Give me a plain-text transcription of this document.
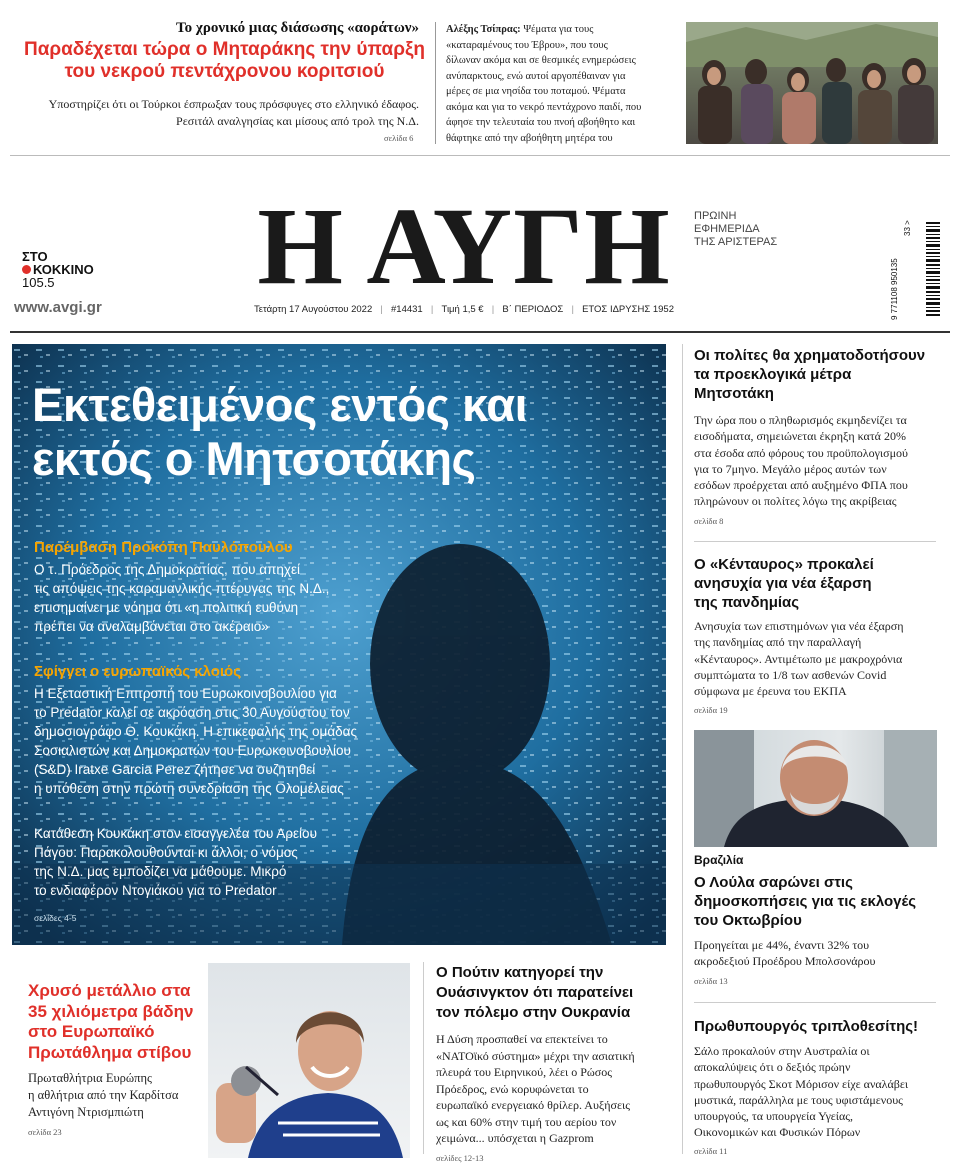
Το χρονικό μιας διάσωσης «αοράτων»
Παραδέχεται τώρα ο Μηταράκης την ύπαρξη
του νεκρού πεντάχρονου κοριτσιού
Υποστηρίζει ότι οι Τούρκοι έσπρωξαν τους πρόσφυγες στο ελληνικό έδαφος.
Ρεσιτάλ αναλγησίας και μίσους από τρολ της Ν.Δ.
σελίδα 6
Αλέξης Τσίπρας: Ψέματα για τους
«καταραμένους του Έβρου», που τους
δίλωναν ακόμα και σε θεσμικές ενημερώσεις
ανύπαρκτους, ενώ αυτοί αργοπέθαιναν για
μέρες σε μια νησίδα του ποταμού. Ψέματα
ακόμα και για το νεκρό πεντάχρονο παιδί, που
άφησε την τελευταία του πνοή αβοήθητο και
θάφτηκε από την αβοήθητη μητέρα του
ΣΤΟ
ΚΟΚΚΙΝΟ
105.5
www.avgi.gr
Η ΑΥΓΗ	ΠΡΩΙΝΗ
ΕΦΗΜΕΡΙΔΑ
ΤΗΣ ΑΡΙΣΤΕΡΑΣ
9 771108 950135
33 >
Τετάρτη 17 Αυγούστου 2022 | #14431 | Τιμή 1,5 € | Β΄ ΠΕΡΙΟΔΟΣ | ΕΤΟΣ ΙΔΡΥΣΗΣ 1952
Εκτεθειμένος εντός και
εκτός ο Μητσοτάκης
Παρέμβαση Προκόπη Παυλόπουλου
Ο τ. Πρόεδρος της Δημοκρατίας, που απηχεί
τις απόψεις της καραμανλικής πτέρυγας της Ν.Δ.,
επισημαίνει με νόημα ότι «η πολιτική ευθύνη
πρέπει να αναλαμβάνεται στο ακέραιο»
Σφίγγει ο ευρωπαϊκός κλοιός
Η Εξεταστική Επιτροπή του Ευρωκοινοβουλίου για
το Predator καλεί σε ακρόαση στις 30 Αυγούστου τον
δημοσιογράφο Θ. Κουκάκη. Η επικεφαλής της ομάδας
Σοσιαλιστών και Δημοκρατών του Ευρωκοινοβουλίου
(S&D) Iratxe Garcia Perez ζήτησε να συζητηθεί
η υπόθεση στην πρώτη συνεδρίαση της Ολομέλειας
Κατάθεση Κουκάκη στον εισαγγελέα του Αρείου
Πάγου: Παρακολουθούνται κι άλλοι, ο νόμος
της Ν.Δ. μας εμποδίζει να μάθουμε. Μικρό
το ενδιαφέρον Ντογιάκου για το Predator
σελίδες 4-5
Οι πολίτες θα χρηματοδοτήσουν
τα προεκλογικά μέτρα
Μητσοτάκη
Την ώρα που ο πληθωρισμός εκμηδενίζει τα
εισοδήματα, σημειώνεται έκρηξη κατά 20%
στα έσοδα από φόρους του προϋπολογισμού
για το 7μηνο. Μεγάλο μέρος αυτών των
εσόδων προέρχεται από αυξημένο ΦΠΑ που
πληρώνουν οι πολίτες λόγω της ακρίβειας
σελίδα 8
Ο «Κένταυρος» προκαλεί
ανησυχία για νέα έξαρση
της πανδημίας
Ανησυχία των επιστημόνων για νέα έξαρση
της πανδημίας από την παραλλαγή
«Κένταυρος». Αντιμέτωπο με μακροχρόνια
συμπτώματα το 1/8 των ασθενών Covid
σύμφωνα με έρευνα του ΕΚΠΑ
σελίδα 19
Βραζιλία
Ο Λούλα σαρώνει στις
δημοσκοπήσεις για τις εκλογές
του Οκτωβρίου
Προηγείται με 44%, έναντι 32% του
ακροδεξιού Προέδρου Μπολσονάρου
σελίδα 13
Πρωθυπουργός τριπλοθεσίτης!
Σάλο προκαλούν στην Αυστραλία οι
αποκαλύψεις ότι ο δεξιός πρώην
πρωθυπουργός Σκοτ Μόρισον είχε αναλάβει
μυστικά, παράλληλα με τους υφιστάμενους
υπουργούς, τα υπουργεία Υγείας,
Οικονομικών και Φυσικών Πόρων
σελίδα 11
Χρυσό μετάλλιο στα
35 χιλιόμετρα βάδην
στο Ευρωπαϊκό
Πρωτάθλημα στίβου
Πρωταθλήτρια Ευρώπης
η αθλήτρια από την Καρδίτσα
Αντιγόνη Ντρισμπιώτη
σελίδα 23
Ο Πούτιν κατηγορεί την
Ουάσινγκτον ότι παρατείνει
τον πόλεμο στην Ουκρανία
Η Δύση προσπαθεί να επεκτείνει το
«ΝΑΤΟϊκό σύστημα» μέχρι την ασιατική
πλευρά του Ειρηνικού, λέει ο Ρώσος
Πρόεδρος, ενώ κορυφώνεται το
ευρωπαϊκό ενεργειακό θρίλερ. Αυξήσεις
ως και 60% στην τιμή του αερίου τον
χειμώνα... υπόσχεται η Gazprom
σελίδες 12-13
